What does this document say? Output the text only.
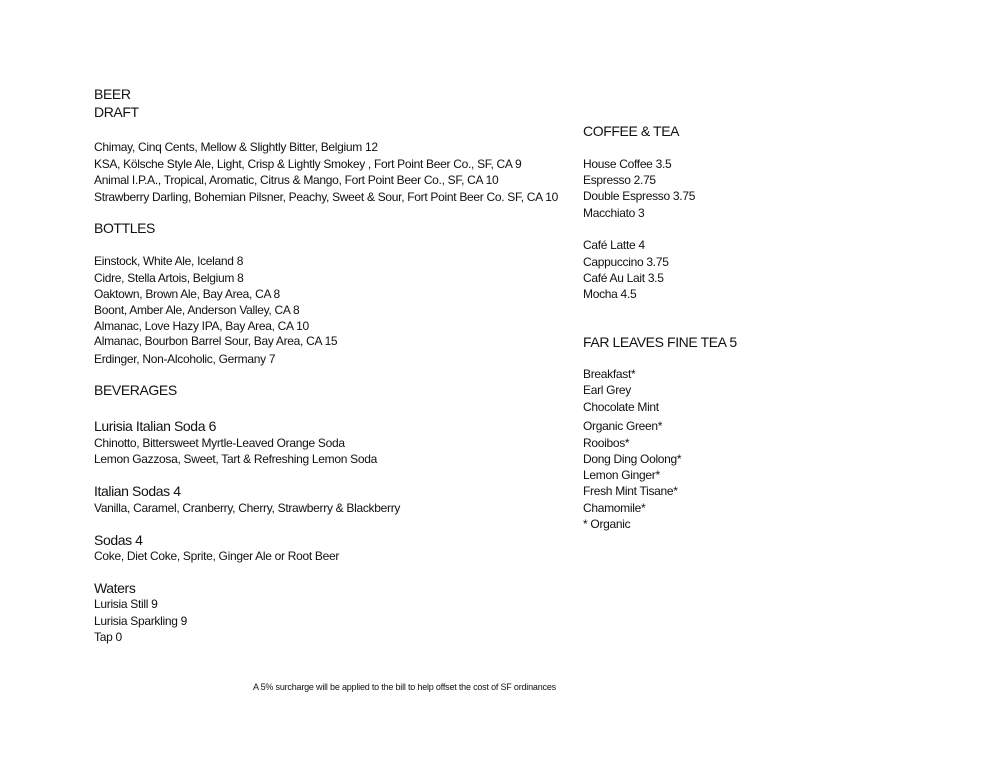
BEER
DRAFT
Chimay, Cinq Cents, Mellow & Slightly Bitter, Belgium 12
KSA, Kölsche Style Ale, Light, Crisp & Lightly Smokey , Fort Point Beer Co., SF, CA 9
Animal I.P.A., Tropical, Aromatic, Citrus & Mango, Fort Point Beer Co., SF, CA 10
Strawberry Darling, Bohemian Pilsner, Peachy, Sweet & Sour, Fort Point Beer Co. SF, CA 10
BOTTLES
Einstock, White Ale, Iceland 8
Cidre, Stella Artois, Belgium 8
Oaktown, Brown Ale, Bay Area, CA 8
Boont, Amber Ale, Anderson Valley, CA 8
Almanac, Love Hazy IPA, Bay Area, CA 10
Almanac, Bourbon Barrel Sour, Bay Area, CA 15
Erdinger, Non-Alcoholic, Germany 7
BEVERAGES
Lurisia Italian Soda 6
Chinotto, Bittersweet Myrtle-Leaved Orange Soda
Lemon Gazzosa, Sweet, Tart & Refreshing Lemon Soda
Italian Sodas 4
Vanilla, Caramel, Cranberry, Cherry, Strawberry & Blackberry
Sodas 4
Coke, Diet Coke, Sprite, Ginger Ale or Root Beer
Waters
Lurisia Still 9
Lurisia Sparkling 9
Tap 0
COFFEE & TEA
House Coffee 3.5
Espresso 2.75
Double Espresso 3.75
Macchiato 3
Café Latte 4
Cappuccino 3.75
Café Au Lait 3.5
Mocha 4.5
FAR LEAVES FINE TEA 5
Breakfast*
Earl Grey
Chocolate Mint
Organic Green*
Rooibos*
Dong Ding Oolong*
Lemon Ginger*
Fresh Mint Tisane*
Chamomile*
* Organic
A 5% surcharge will be applied to the bill to help offset the cost of SF ordinances
